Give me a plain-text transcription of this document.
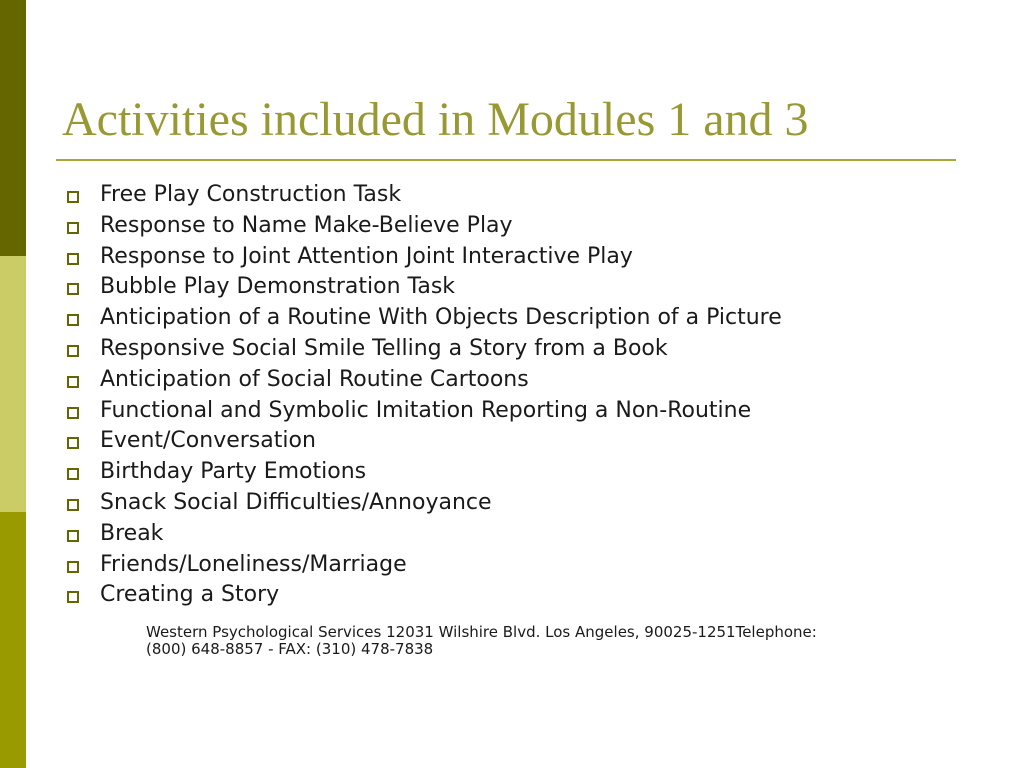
Activities included in Modules 1 and 3
Free Play Construction Task
Response to Name Make-Believe Play
Response to Joint Attention Joint Interactive Play
Bubble Play Demonstration Task
Anticipation of a Routine With Objects Description of a Picture
Responsive Social Smile Telling a Story from a Book
Anticipation of Social Routine Cartoons
Functional and Symbolic Imitation Reporting a Non-Routine
Event/Conversation
Birthday Party Emotions
Snack Social Difficulties/Annoyance
Break
Friends/Loneliness/Marriage
Creating a Story

Western Psychological Services 12031 Wilshire Blvd. Los Angeles, 90025-1251Telephone:
(800) 648-8857 - FAX: (310) 478-7838
